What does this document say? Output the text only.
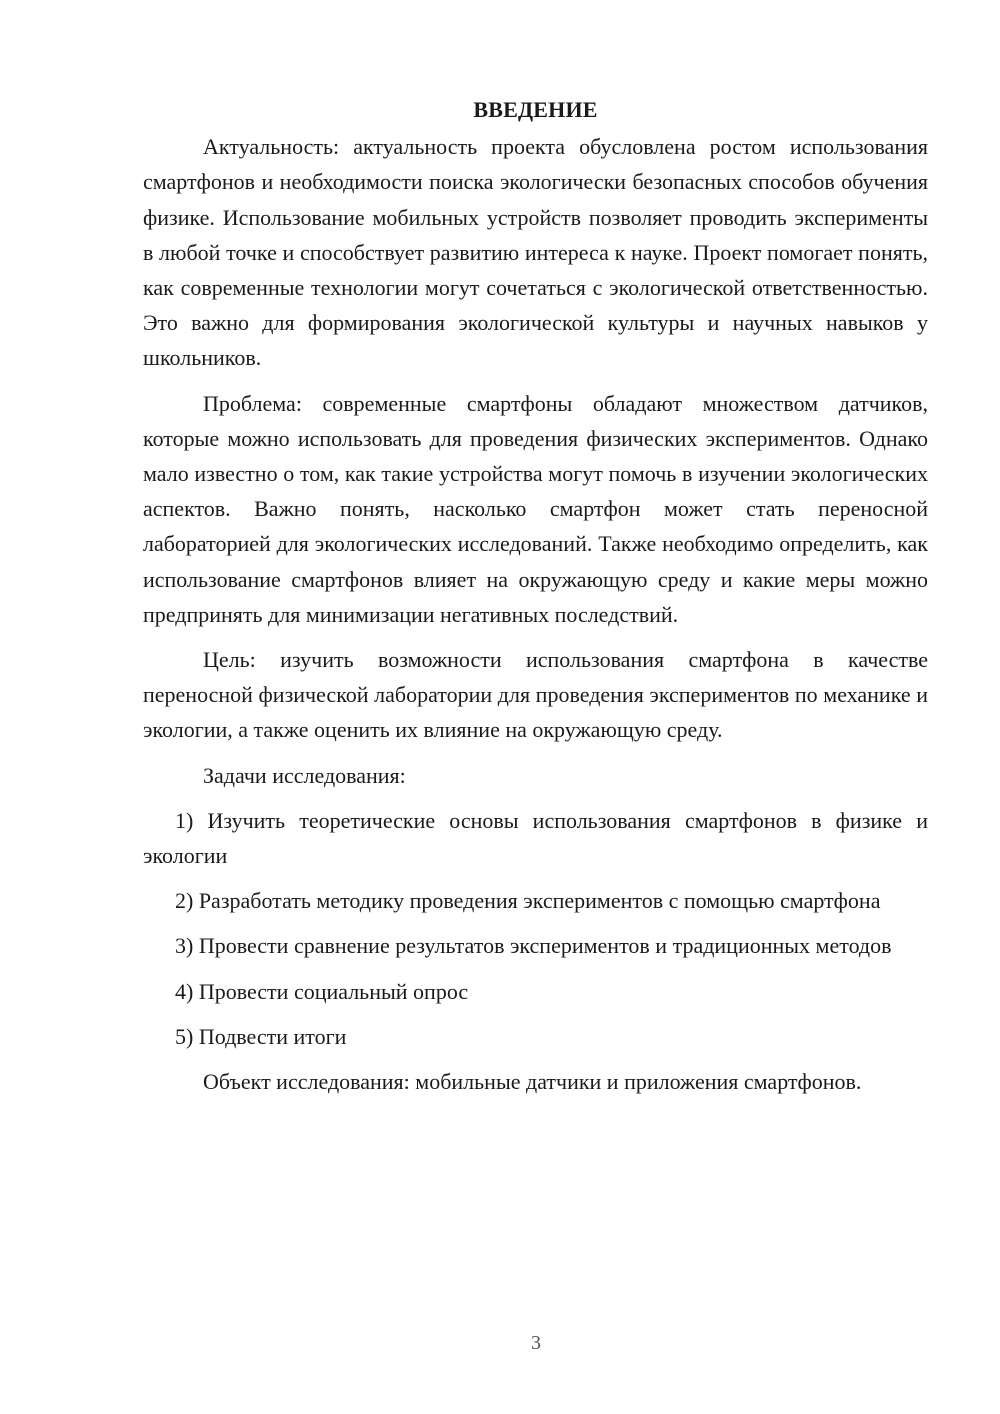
ВВЕДЕНИЕ

Актуальность: актуальность проекта обусловлена ростом использования смартфонов и необходимости поиска экологически безопасных способов обучения физике. Использование мобильных устройств позволяет проводить эксперименты в любой точке и способствует развитию интереса к науке. Проект помогает понять, как современные технологии могут сочетаться с экологической ответственностью. Это важно для формирования экологической культуры и научных навыков у школьников.

Проблема: современные смартфоны обладают множеством датчиков, которые можно использовать для проведения физических экспериментов. Однако мало известно о том, как такие устройства могут помочь в изучении экологических аспектов. Важно понять, насколько смартфон может стать переносной лабораторией для экологических исследований. Также необходимо определить, как использование смартфонов влияет на окружающую среду и какие меры можно предпринять для минимизации негативных последствий.

Цель: изучить возможности использования смартфона в качестве переносной физической лаборатории для проведения экспериментов по механике и экологии, а также оценить их влияние на окружающую среду.

Задачи исследования:

1) Изучить теоретические основы использования смартфонов в физике и экологии

2) Разработать методику проведения экспериментов с помощью смартфона

3) Провести сравнение результатов экспериментов и традиционных методов

4) Провести социальный опрос

5) Подвести итоги

Объект исследования: мобильные датчики и приложения смартфонов.

3
